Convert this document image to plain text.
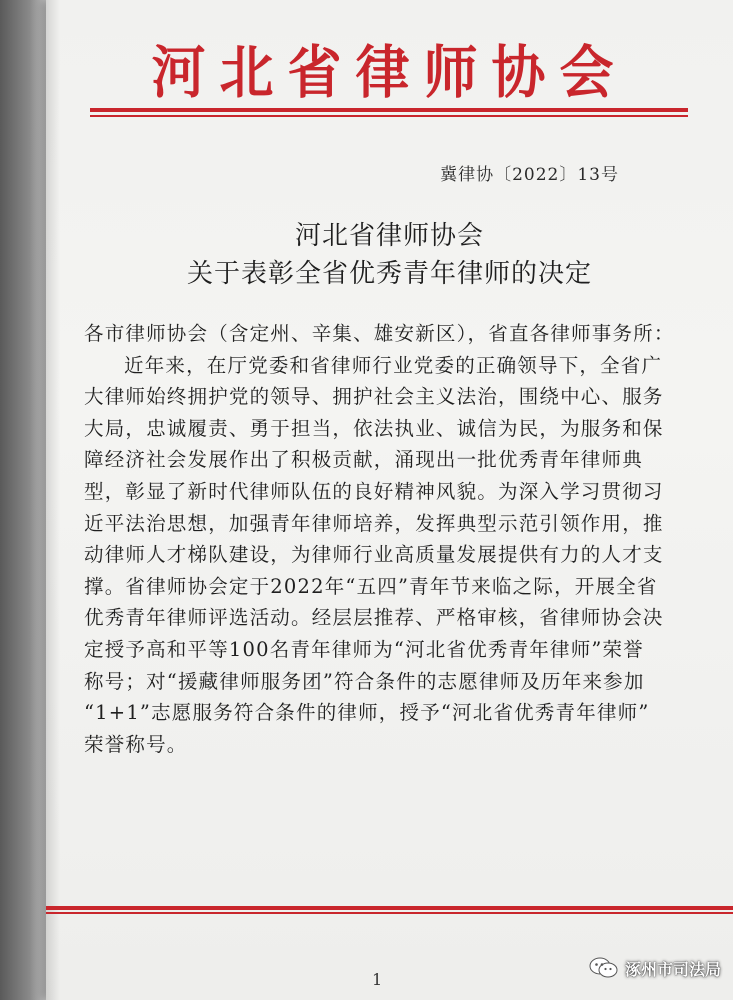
河北省律师协会
冀律协〔2022〕13号
河北省律师协会
关于表彰全省优秀青年律师的决定
各市律师协会（含定州、辛集、雄安新区），省直各律师事务所：
近年来，在厅党委和省律师行业党委的正确领导下，全省广
大律师始终拥护党的领导、拥护社会主义法治，围绕中心、服务
大局，忠诚履责、勇于担当，依法执业、诚信为民，为服务和保
障经济社会发展作出了积极贡献，涌现出一批优秀青年律师典
型，彰显了新时代律师队伍的良好精神风貌。为深入学习贯彻习
近平法治思想，加强青年律师培养，发挥典型示范引领作用，推
动律师人才梯队建设，为律师行业高质量发展提供有力的人才支
撑。省律师协会定于2022年“五四”青年节来临之际，开展全省
优秀青年律师评选活动。经层层推荐、严格审核，省律师协会决
定授予高和平等100名青年律师为“河北省优秀青年律师”荣誉
称号；对“援藏律师服务团”符合条件的志愿律师及历年来参加
“1+1”志愿服务符合条件的律师，授予“河北省优秀青年律师”
荣誉称号。
1
涿州市司法局
